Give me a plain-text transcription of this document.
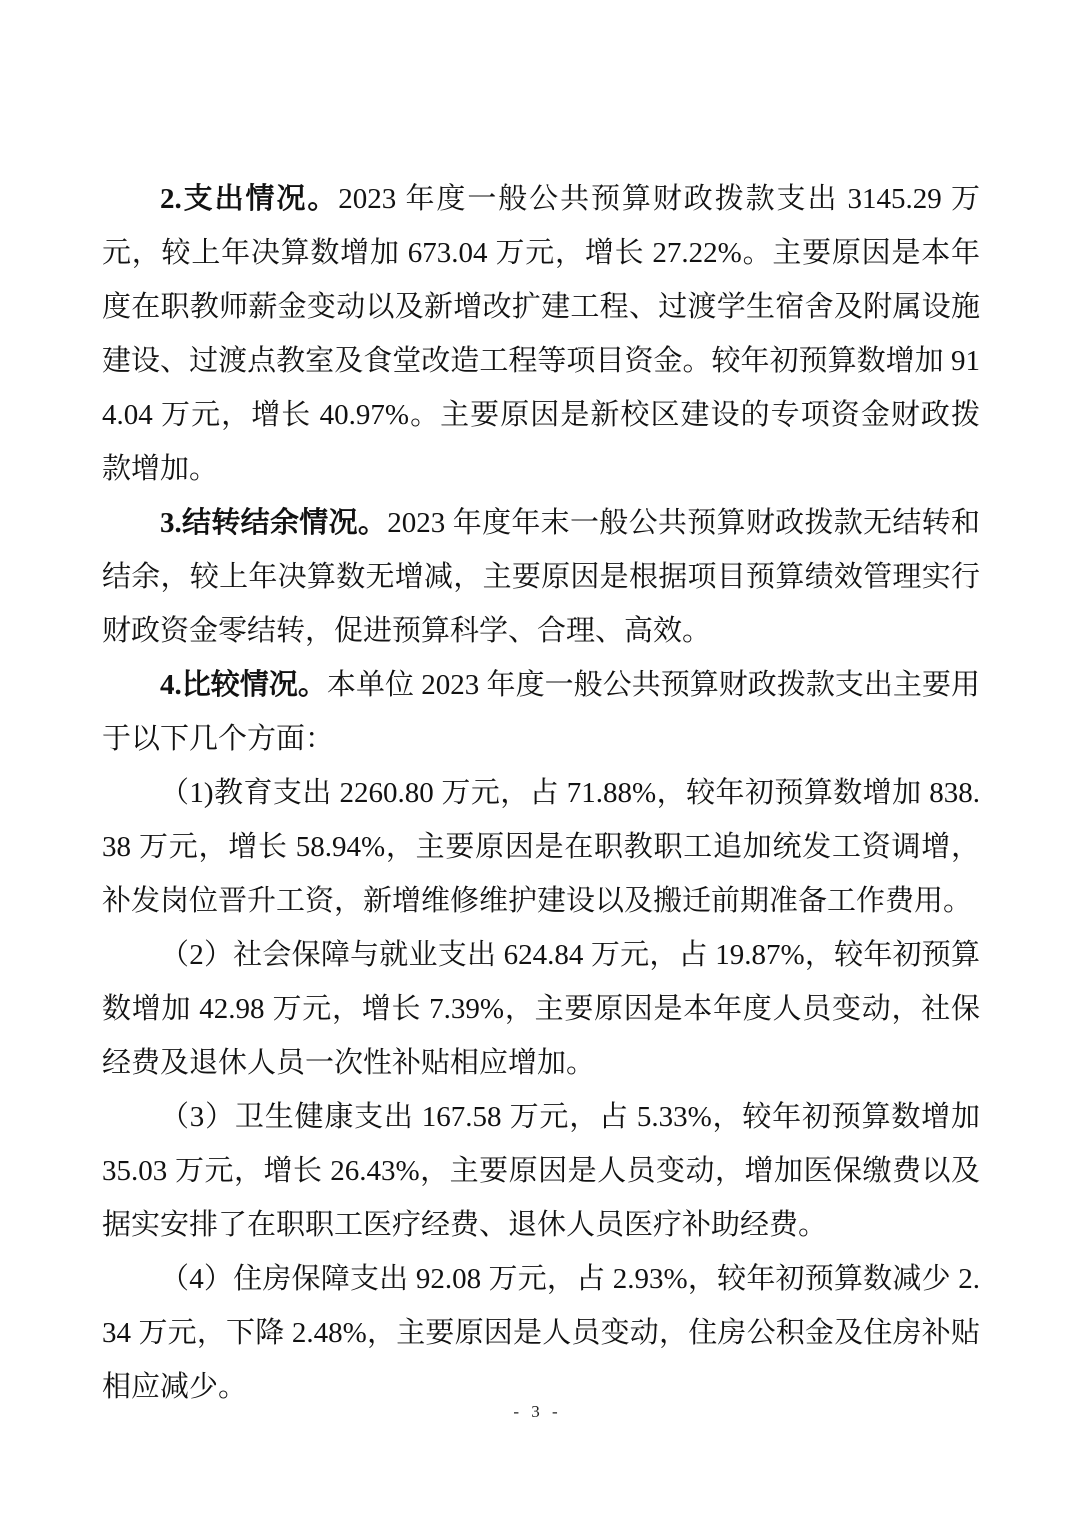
2.支出情况。2023 年度一般公共预算财政拨款支出 3145.29 万元，较上年决算数增加 673.04 万元，增长 27.22%。主要原因是本年度在职教师薪金变动以及新增改扩建工程、过渡学生宿舍及附属设施建设、过渡点教室及食堂改造工程等项目资金。较年初预算数增加 914.04 万元，增长 40.97%。主要原因是新校区建设的专项资金财政拨款增加。

3.结转结余情况。2023 年度年末一般公共预算财政拨款无结转和结余，较上年决算数无增减，主要原因是根据项目预算绩效管理实行财政资金零结转，促进预算科学、合理、高效。

4.比较情况。本单位 2023 年度一般公共预算财政拨款支出主要用于以下几个方面：

（1)教育支出 2260.80 万元，占 71.88%，较年初预算数增加 838.38 万元，增长 58.94%，主要原因是在职教职工追加统发工资调增，补发岗位晋升工资，新增维修维护建设以及搬迁前期准备工作费用。

（2）社会保障与就业支出 624.84 万元，占 19.87%，较年初预算数增加 42.98 万元，增长 7.39%，主要原因是本年度人员变动，社保经费及退休人员一次性补贴相应增加。

（3）卫生健康支出 167.58 万元，占 5.33%，较年初预算数增加 35.03 万元，增长 26.43%，主要原因是人员变动，增加医保缴费以及据实安排了在职职工医疗经费、退休人员医疗补助经费。

（4）住房保障支出 92.08 万元，占 2.93%，较年初预算数减少 2.34 万元，下降 2.48%，主要原因是人员变动，住房公积金及住房补贴相应减少。

- 3 -
